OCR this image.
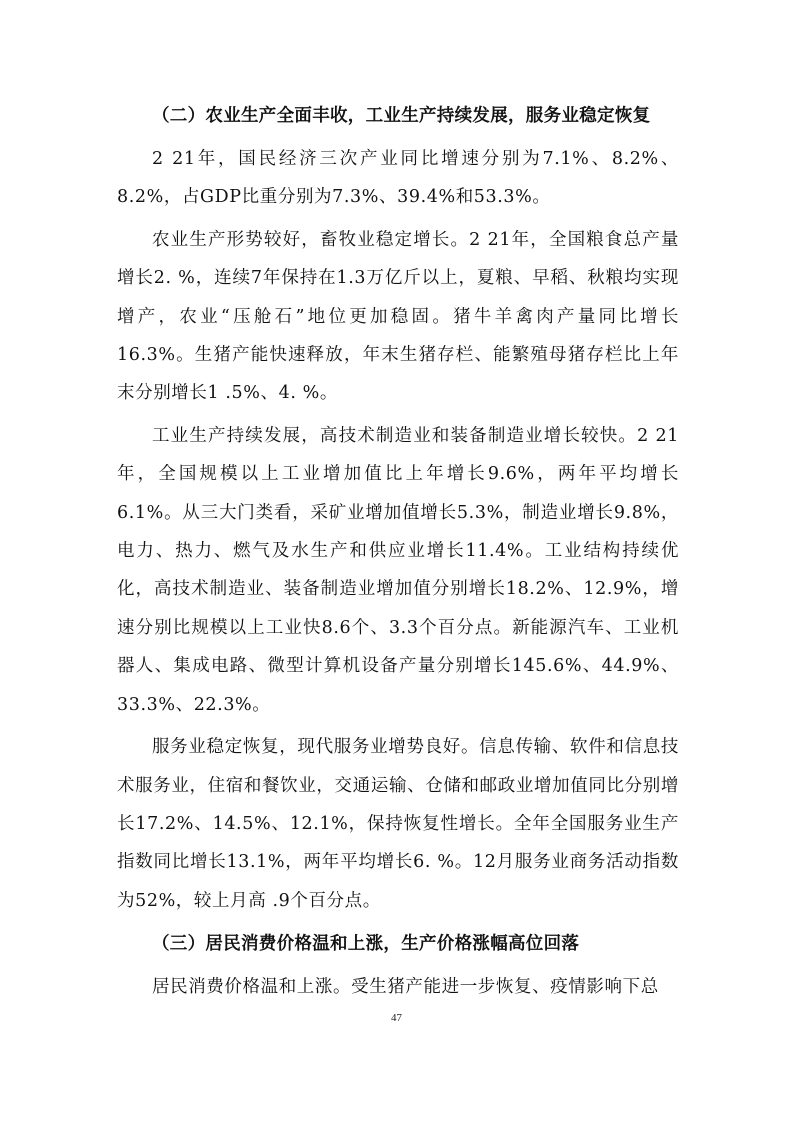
（二）农业生产全面丰收，工业生产持续发展，服务业稳定恢复

2 21年，国民经济三次产业同比增速分别为7.1%、8.2%、8.2%，占GDP比重分别为7.3%、39.4%和53.3%。

农业生产形势较好，畜牧业稳定增长。2 21年，全国粮食总产量增长2. %，连续7年保持在1.3万亿斤以上，夏粮、早稻、秋粮均实现增产，农业“压舱石”地位更加稳固。猪牛羊禽肉产量同比增长16.3%。生猪产能快速释放，年末生猪存栏、能繁殖母猪存栏比上年末分别增长1 .5%、4. %。

工业生产持续发展，高技术制造业和装备制造业增长较快。2 21年，全国规模以上工业增加值比上年增长9.6%，两年平均增长6.1%。从三大门类看，采矿业增加值增长5.3%，制造业增长9.8%，电力、热力、燃气及水生产和供应业增长11.4%。工业结构持续优化，高技术制造业、装备制造业增加值分别增长18.2%、12.9%，增速分别比规模以上工业快8.6个、3.3个百分点。新能源汽车、工业机器人、集成电路、微型计算机设备产量分别增长145.6%、44.9%、33.3%、22.3%。

服务业稳定恢复，现代服务业增势良好。信息传输、软件和信息技术服务业，住宿和餐饮业，交通运输、仓储和邮政业增加值同比分别增长17.2%、14.5%、12.1%，保持恢复性增长。全年全国服务业生产指数同比增长13.1%，两年平均增长6. %。12月服务业商务活动指数为52%，较上月高 .9个百分点。

（三）居民消费价格温和上涨，生产价格涨幅高位回落

居民消费价格温和上涨。受生猪产能进一步恢复、疫情影响下总

47
